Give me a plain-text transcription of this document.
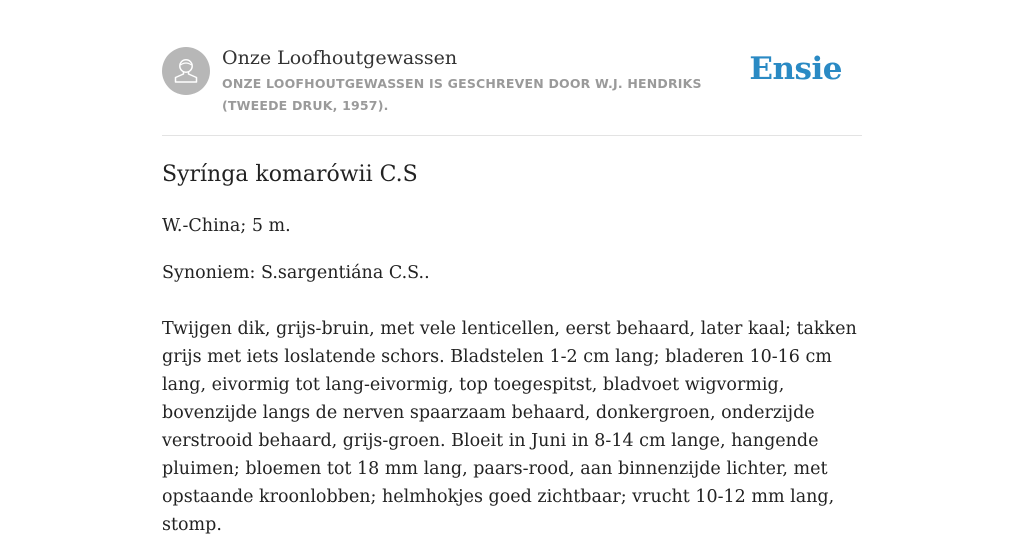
Onze Loofhoutgewassen
ONZE LOOFHOUTGEWASSEN IS GESCHREVEN DOOR W.J. HENDRIKS (TWEEDE DRUK, 1957).
Ensie
Syrínga komarówii C.S

W.-China; 5 m.

Synoniem: S.sargentiána C.S..

Twijgen dik, grijs-bruin, met vele lenticellen, eerst behaard, later kaal; takken grijs met iets loslatende schors. Bladstelen 1-2 cm lang; bladeren 10-16 cm lang, eivormig tot lang-eivormig, top toegespitst, bladvoet wigvormig, bovenzijde langs de nerven spaarzaam behaard, donkergroen, onderzijde verstrooid behaard, grijs-groen. Bloeit in Juni in 8-14 cm lange, hangende pluimen; bloemen tot 18 mm lang, paars-rood, aan binnenzijde lichter, met opstaande kroonlobben; helmhokjes goed zichtbaar; vrucht 10-12 mm lang, stomp.
